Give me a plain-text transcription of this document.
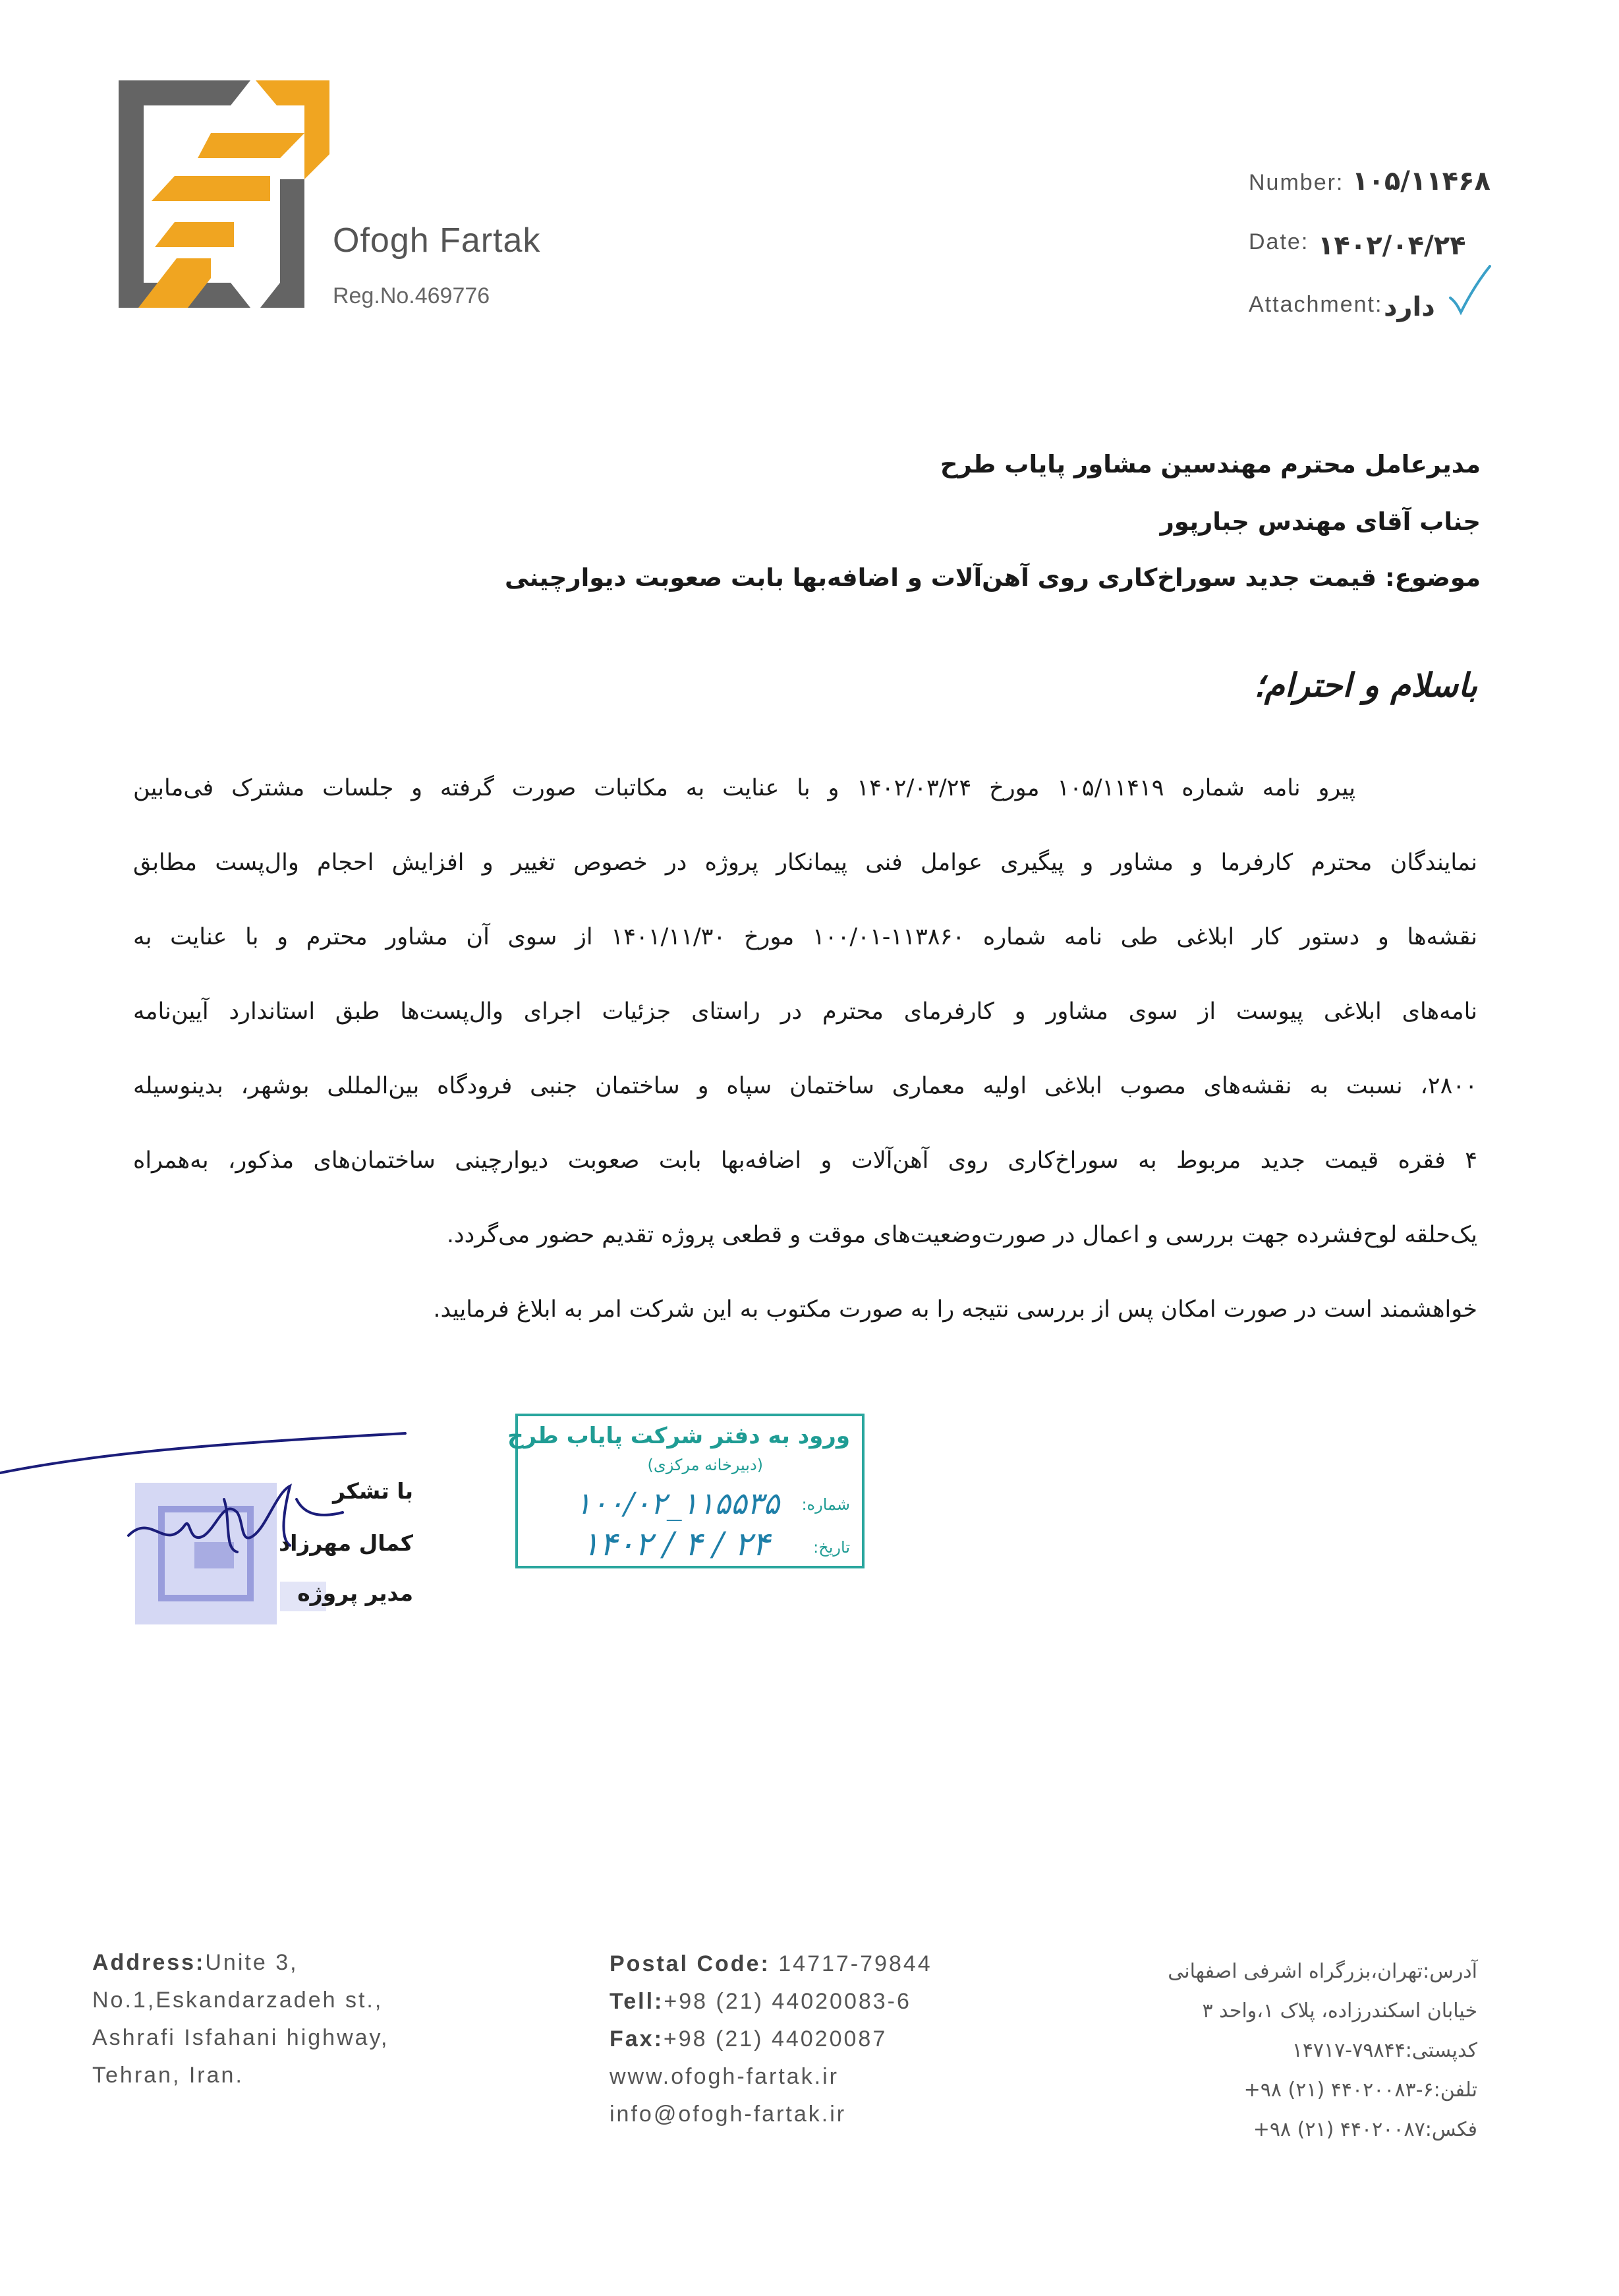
Ofogh Fartak
Reg.No.469776
Number: ۱۰۵/۱۱۴۶۸
Date: ۱۴۰۲/۰۴/۲۴
Attachment: دارد
مدیرعامل محترم مهندسین مشاور پایاب طرح
جناب آقای مهندس جبارپور
موضوع: قیمت جدید سوراخ‌کاری روی آهن‌آلات و اضافه‌بها بابت صعوبت دیوارچینی
باسلام و احترام؛
پیرو نامه شماره ۱۰۵/۱۱۴۱۹ مورخ ۱۴۰۲/۰۳/۲۴ و با عنایت به مکاتبات صورت گرفته و جلسات مشترک فی‌مابین
نمایندگان محترم کارفرما و مشاور و پیگیری عوامل فنی پیمانکار پروژه در خصوص تغییر و افزایش احجام وال‌پست مطابق
نقشه‌ها و دستور کار ابلاغی طی نامه شماره ۱۱۳۸۶۰-۱۰۰/۰۱ مورخ ۱۴۰۱/۱۱/۳۰ از سوی آن مشاور محترم و با عنایت به
نامه‌های ابلاغی پیوست از سوی مشاور و کارفرمای محترم در راستای جزئیات اجرای وال‌پست‌ها طبق استاندارد آیین‌نامه
۲۸۰۰، نسبت به نقشه‌های مصوب ابلاغی اولیه معماری ساختمان سپاه و ساختمان جنبی فرودگاه بین‌المللی بوشهر، بدینوسیله
۴ فقره قیمت جدید مربوط به سوراخ‌کاری روی آهن‌آلات و اضافه‌بها بابت صعوبت دیوارچینی ساختمان‌های مذکور، به‌همراه
یک‌حلقه لوح‌فشرده جهت بررسی و اعمال در صورت‌وضعیت‌های موقت و قطعی پروژه تقدیم حضور می‌گردد.
خواهشمند است در صورت امکان پس از بررسی نتیجه را به صورت مکتوب به این شرکت امر به ابلاغ فرمایید.
با تشکر
کمال مهرزاد
مدیر پروژه
ورود به دفتر شرکت پایاب طرح
(دبیرخانه مرکزی)
شماره:
۱۰۰/۰۲_۱۱۵۵۳۵
تاریخ:
۱۴۰۲ / ۴ / ۲۴
Address:Unite 3,
No.1,Eskandarzadeh st.,
Ashrafi Isfahani highway,
Tehran, Iran.
Postal Code: 14717-79844
Tell:+98 (21) 44020083-6
Fax:+98 (21) 44020087
www.ofogh-fartak.ir
info@ofogh-fartak.ir
آدرس:تهران،بزرگراه اشرفی اصفهانی
خیابان اسکندرزاده، پلاک ۱،واحد ۳
کدپستی:۷۹۸۴۴-۱۴۷۱۷
تلفن:۶-۴۴۰۲۰۰۸۳ (۲۱) ۹۸+
فکس:۴۴۰۲۰۰۸۷ (۲۱) ۹۸+
